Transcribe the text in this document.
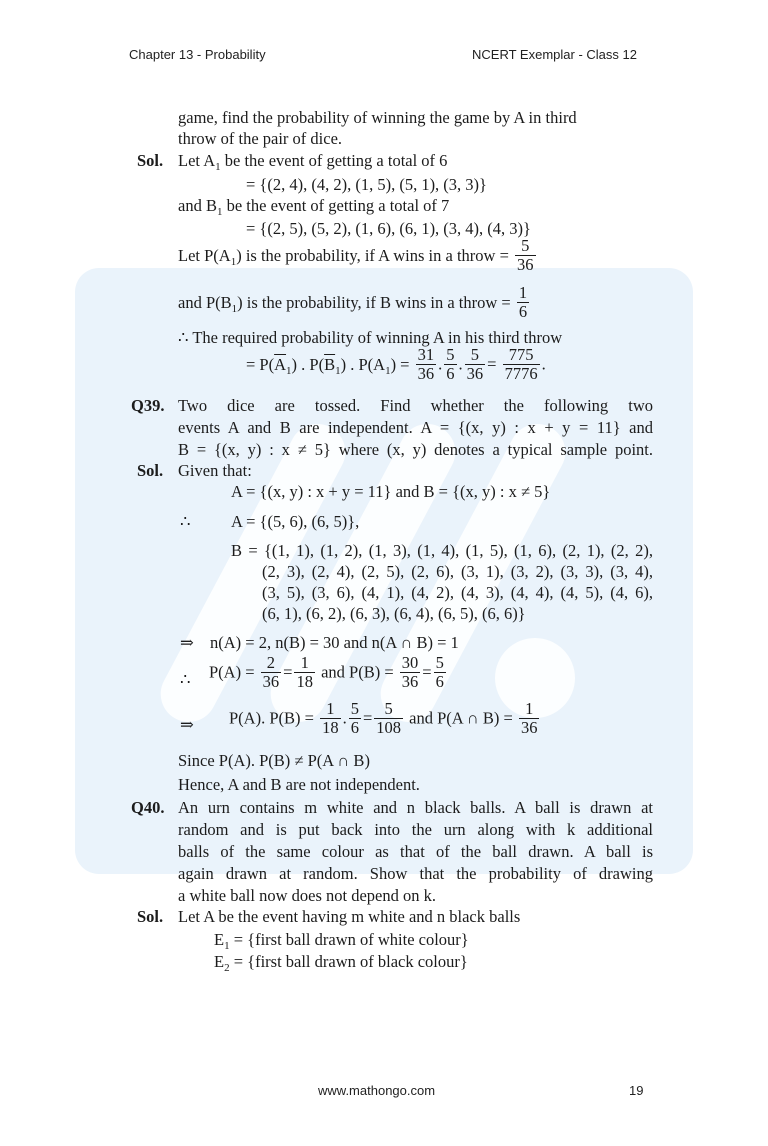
Chapter 13 - Probability	NCERT Exemplar - Class 12
www.mathongo.com	19
game, find the probability of winning the game by A in third
throw of the pair of dice.
Sol. Let $A_1$ be the event of getting a total of 6
= {(2, 4), (4, 2), (1, 5), (5, 1), (3, 3)}
and $B_1$ be the event of getting a total of 7
= {(2, 5), (5, 2), (1, 6), (6, 1), (3, 4), (4, 3)}
Let $P(A_1)$ is the probability, if A wins in a throw = $\frac{5}{36}$
and $P(B_1)$ is the probability, if B wins in a throw = $\frac{1}{6}$
∴ The required probability of winning A in his third throw
= $P(\overline{A}_1)$ . $P(\overline{B}_1)$ . $P(A_1) = \frac{31}{36}$ . $\frac{5}{6}$ . $\frac{5}{36} = \frac{775}{7776}$ .
Q39. Two dice are tossed. Find whether the following two
events A and B are independent. A = {(x, y) : x + y = 11} and
B = {(x, y) : x ≠ 5} where (x, y) denotes a typical sample point.
Sol. Given that:
A = {(x, y) : x + y = 11} and B = {(x, y) : x ≠ 5}
∴ A = {(5, 6), (6, 5)},
B = {(1, 1), (1, 2), (1, 3), (1, 4), (1, 5), (1, 6), (2, 1), (2, 2),
(2, 3), (2, 4), (2, 5), (2, 6), (3, 1), (3, 2), (3, 3), (3, 4),
(3, 5), (3, 6), (4, 1), (4, 2), (4, 3), (4, 4), (4, 5), (4, 6),
(6, 1), (6, 2), (6, 3), (6, 4), (6, 5), (6, 6)}
⇒ n(A) = 2, n(B) = 30 and n(A ∩ B) = 1
∴ $P(A) = \frac{2}{36} = \frac{1}{18}$ and $P(B) = \frac{30}{36} = \frac{5}{6}$
⇒ P(A). $P(B) = \frac{1}{18}$ . $\frac{5}{6} = \frac{5}{108}$ and P(A ∩ $B) = \frac{1}{36}$
Since P(A). P(B) ≠ P(A ∩ B)
Hence, A and B are not independent.
Q40. An urn contains m white and n black balls. A ball is drawn at
random and is put back into the urn along with k additional
balls of the same colour as that of the ball drawn. A ball is
again drawn at random. Show that the probability of drawing
a white ball now does not depend on k.
Sol. Let A be the event having m white and n black balls
$E_1$ = {first ball drawn of white colour}
$E_2$ = {first ball drawn of black colour}
